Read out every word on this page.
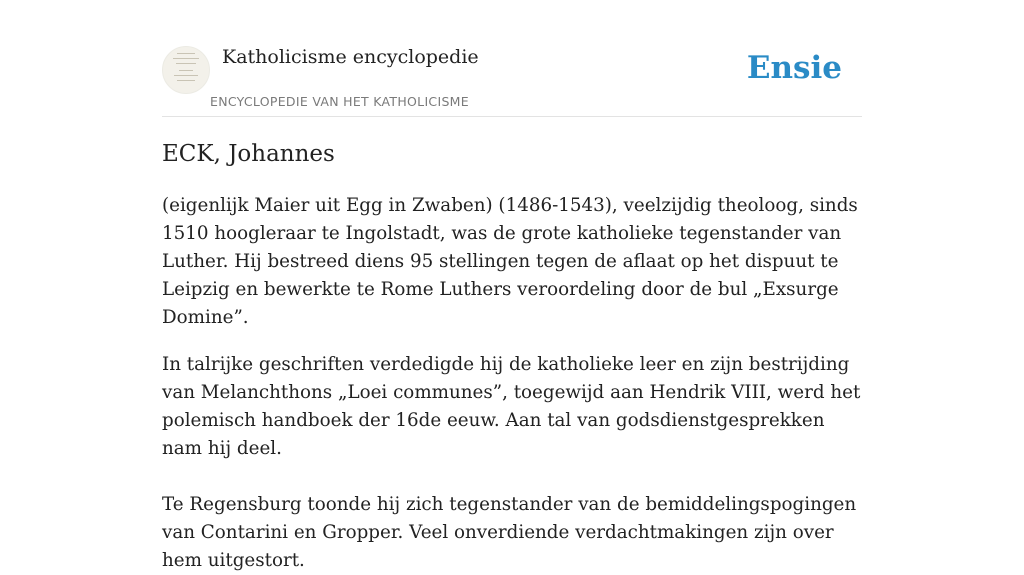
Katholicisme encyclopedie
ENCYCLOPEDIE VAN HET KATHOLICISME
Ensie
ECK, Johannes

(eigenlijk Maier uit Egg in Zwaben) (1486-1543), veelzijdig theoloog, sinds 1510 hoogleraar te Ingolstadt, was de grote katholieke tegenstander van Luther. Hij bestreed diens 95 stellingen tegen de aflaat op het dispuut te Leipzig en bewerkte te Rome Luthers veroordeling door de bul „Exsurge Domine”.

In talrijke geschriften verdedigde hij de katholieke leer en zijn bestrijding van Melanchthons „Loei communes”, toegewijd aan Hendrik VIII, werd het polemisch handboek der 16de eeuw. Aan tal van godsdienstgesprekken nam hij deel.

Te Regensburg toonde hij zich tegenstander van de bemiddelingspogingen van Contarini en Gropper. Veel onverdiende verdachtmakingen zijn over hem uitgestort.
